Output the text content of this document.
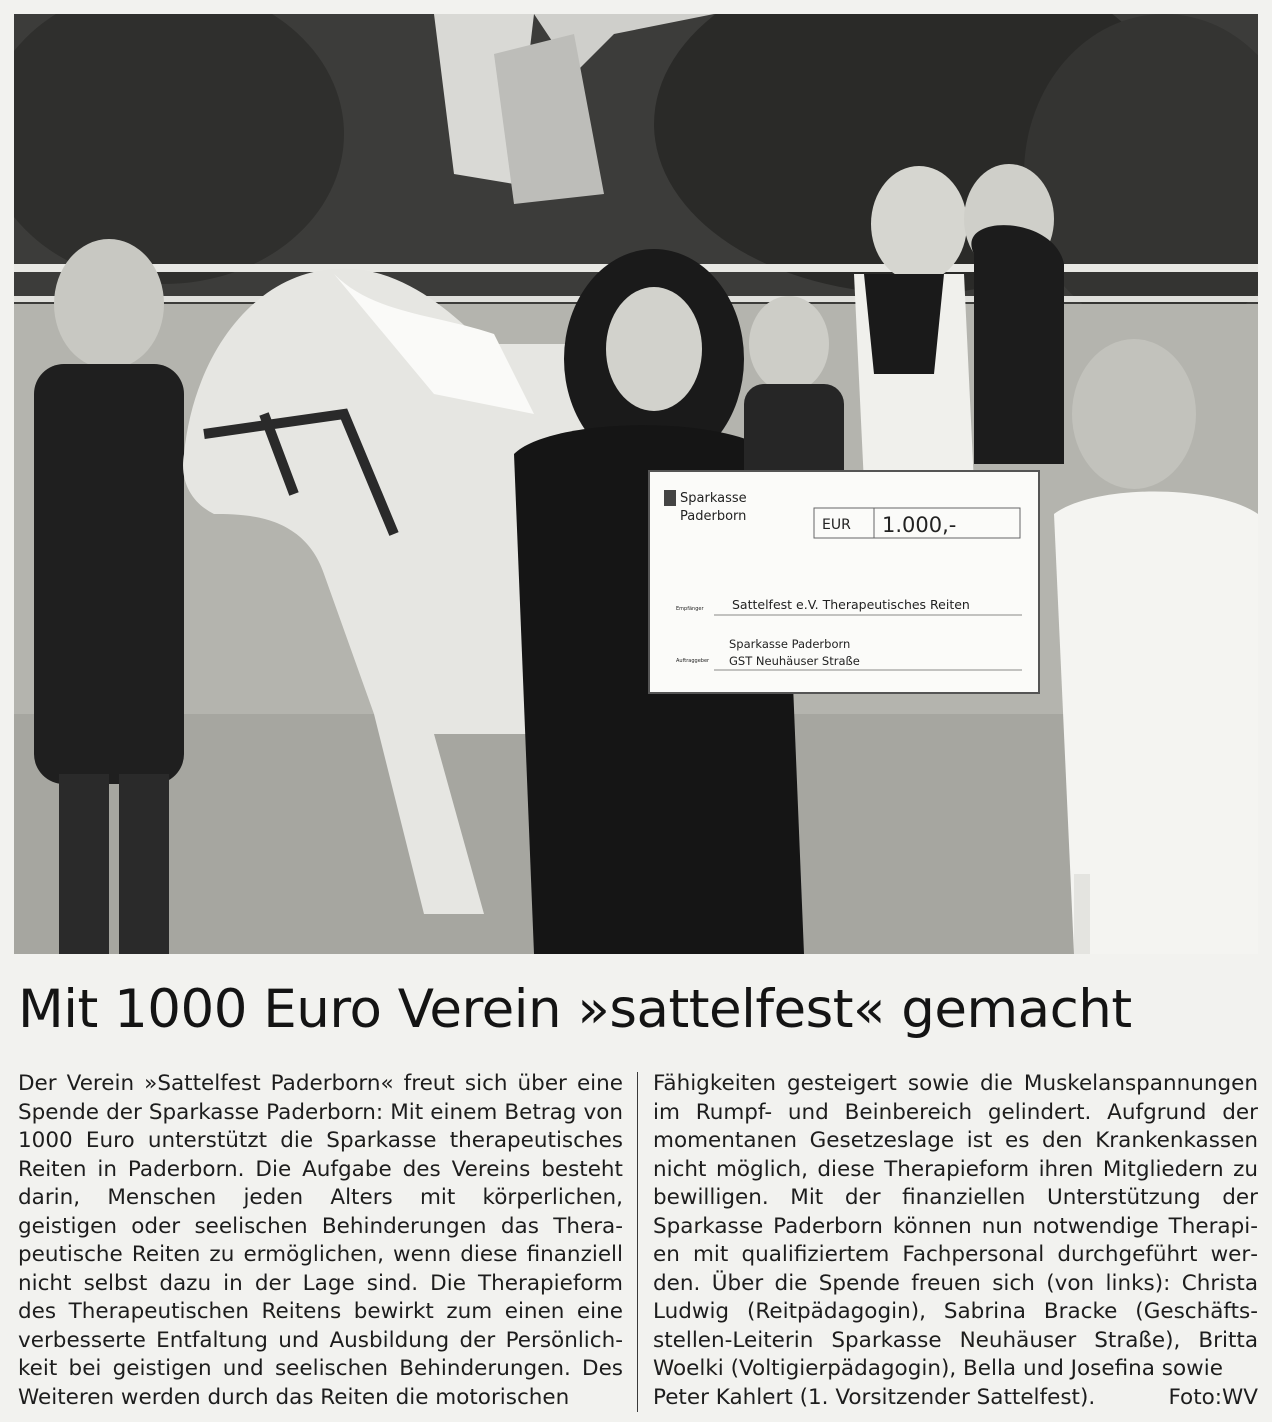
Sparkasse
Paderborn
EUR 1.000,-
Empfänger Sattelfest e.V. Therapeutisches Reiten
Sparkasse Paderborn
Auftraggeber GST Neuhäuser Straße
Mit 1000 Euro Verein »sattelfest« gemacht
Der Verein »Sattelfest Paderborn« freut sich über eine Spende der Sparkasse Paderborn: Mit einem Betrag von 1000 Euro unterstützt die Sparkasse therapeutisches Reiten in Paderborn. Die Aufgabe des Vereins besteht darin, Menschen jeden Alters mit körperlichen, geistigen oder seelischen Behinderungen das Therapeutische Reiten zu ermöglichen, wenn diese finanziell nicht selbst dazu in der Lage sind. Die Therapieform des Therapeutischen Reitens bewirkt zum einen eine verbesserte Entfaltung und Ausbildung der Persönlichkeit bei geistigen und seelischen Behinderungen. Des Weiteren werden durch das Reiten die motorischen
Fähigkeiten gesteigert sowie die Muskelanspannungen im Rumpf- und Beinbereich gelindert. Aufgrund der momentanen Gesetzeslage ist es den Krankenkassen nicht möglich, diese Therapieform ihren Mitgliedern zu bewilligen. Mit der finanziellen Unterstützung der Sparkasse Paderborn können nun notwendige Therapien mit qualifiziertem Fachpersonal durchgeführt werden. Über die Spende freuen sich (von links): Christa Ludwig (Reitpädagogin), Sabrina Bracke (Geschäftsstellen-Leiterin Sparkasse Neuhäuser Straße), Britta Woelki (Voltigierpädagogin), Bella und Josefina sowie
Peter Kahlert (1. Vorsitzender Sattelfest).	Foto:WV
